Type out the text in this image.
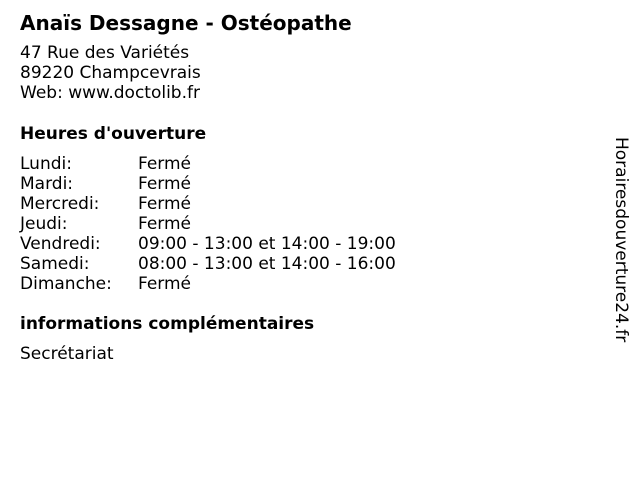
Anaïs Dessagne - Ostéopathe
47 Rue des Variétés
89220 Champcevrais
Web: www.doctolib.fr
Heures d'ouverture
Lundi:	Fermé
Mardi:	Fermé
Mercredi: Fermé
Jeudi:	Fermé
Vendredi: 09:00 - 13:00 et 14:00 - 19:00
Samedi:	08:00 - 13:00 et 14:00 - 16:00
Dimanche: Fermé
informations complémentaires
Secrétariat
Horairesdouverture24.fr
